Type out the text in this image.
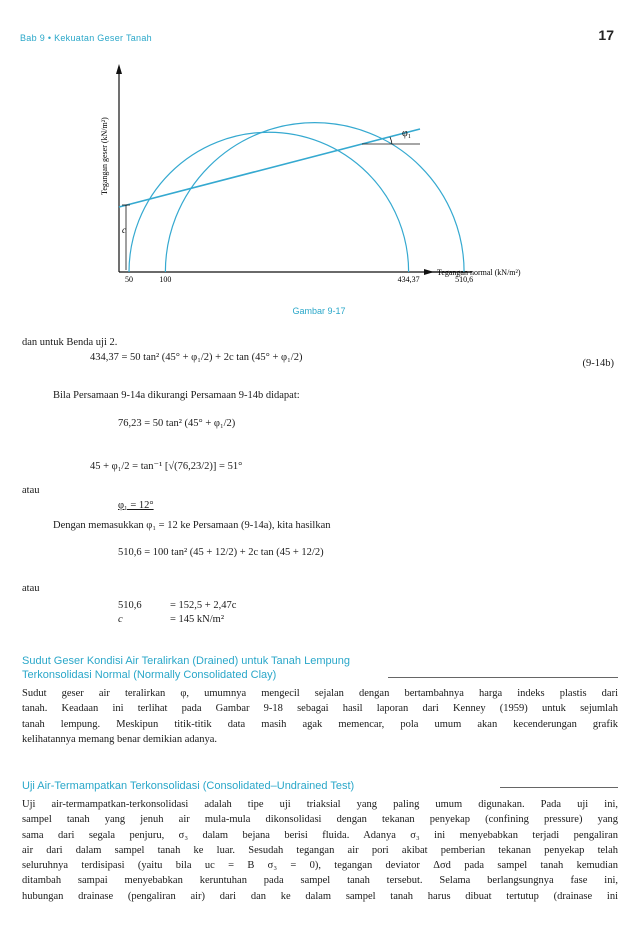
Bab 9 • Kekuatan Geser Tanah	17
φ₁
c
50	100	434,37	510,6
Tegangan normal (kN/m²)
Tegangan geser (kN/m²)
Gambar 9-17
dan untuk Benda uji 2.
434,37 = 50 tan² (45° + φ₁/2) + 2c tan (45° + φ₁/2)
(9-14b)
Bila Persamaan 9-14a dikurangi Persamaan 9-14b didapat:
76,23 = 50 tan² (45° + φ₁/2)
45 + φ₁/2 = tan⁻¹ [√(76,23/2)] = 51°
atau
φ₁ = 12°
Dengan memasukkan φ₁ = 12 ke Persamaan (9-14a), kita hasilkan
510,6 = 100 tan² (45 + 12/2) + 2c tan (45 + 12/2)
atau
510,6	= 152,5 + 2,47c
c	= 145 kN/m²
Sudut Geser Kondisi Air Teralirkan (Drained) untuk Tanah Lempung
Terkonsolidasi Normal (Normally Consolidated Clay)
Sudut geser air teralirkan φ, umumnya mengecil sejalan dengan bertambahnya harga indeks plastis dari
tanah. Keadaan ini terlihat pada Gambar 9-18 sebagai hasil laporan dari Kenney (1959) untuk sejumlah
tanah lempung. Meskipun titik-titik data masih agak memencar, pola umum akan kecenderungan grafik
kelihatannya memang benar demikian adanya.
Uji Air-Termampatkan Terkonsolidasi (Consolidated–Undrained Test)
Uji air-termampatkan-terkonsolidasi adalah tipe uji triaksial yang paling umum digunakan. Pada uji ini,
sampel tanah yang jenuh air mula-mula dikonsolidasi dengan tekanan penyekap (confining pressure) yang
sama dari segala penjuru, σ₃ dalam bejana berisi fluida. Adanya σ₃ ini menyebabkan terjadi pengaliran
air dari dalam sampel tanah ke luar. Sesudah tegangan air pori akibat pemberian tekanan penyekap telah
seluruhnya terdisipasi (yaitu bila uc = B σ₃ = 0), tegangan deviator Δσd pada sampel tanah kemudian
ditambah sampai menyebabkan keruntuhan pada sampel tanah tersebut. Selama berlangsungnya fase ini,
hubungan drainase (pengaliran air) dari dan ke dalam sampel tanah harus dibuat tertutup (drainase ini
